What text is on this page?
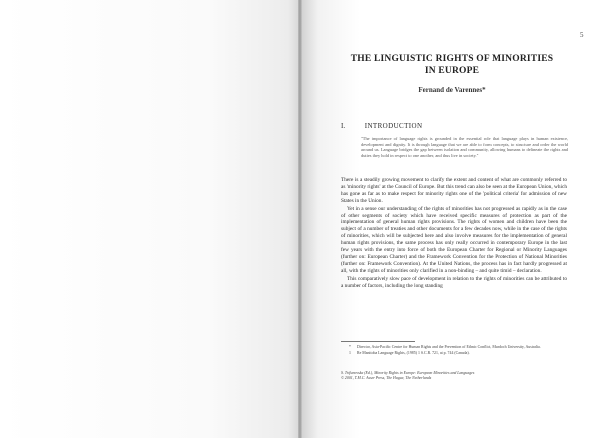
5
THE LINGUISTIC RIGHTS OF MINORITIES
IN EUROPE
Fernand de Varennes*
I.	INTRODUCTION
"The importance of language rights is grounded in the essential role that language plays in human existence, development and dignity. It is through language that we are able to form concepts, to structure and order the world around us. Language bridges the gap between isolation and community, allowing humans to delineate the rights and duties they hold in respect to one another, and thus live in society."

There is a steadily growing movement to clarify the extent and content of what are commonly referred to as 'minority rights' at the Council of Europe. But this trend can also be seen at the European Union, which has gone as far as to make respect for minority rights one of the 'political criteria' for admission of new States in the Union.

Yet in a sense our understanding of the rights of minorities has not progressed as rapidly as in the case of other segments of society which have received specific measures of protection as part of the implementation of general human rights provisions. The rights of women and children have been the subject of a number of treaties and other documents for a few decades now, while in the case of the rights of minorities, which will be subjected here and also involve measures for the implementation of general human rights provisions, the same process has only really occurred in contemporary Europe in the last few years with the entry into force of both the European Charter for Regional or Minority Languages (further on: European Charter) and the Framework Convention for the Protection of National Minorities (further on: Framework Convention). At the United Nations, the process has in fact hardly progressed at all, with the rights of minorities only clarified in a non-binding – and quite timid – declaration.

This comparatively slow pace of development in relation to the rights of minorities can be attributed to a number of factors, including the long standing

* Director, Asia-Pacific Centre for Human Rights and the Prevention of Ethnic Conflict, Murdoch University, Australia.
1 Re Manitoba Language Rights, (1985) 1 S.C.R. 721, at p. 744 (Canada).
S. Trifunovska (Ed.), Minority Rights in Europe: European Minorities and Languages
© 2001, T.M.C. Asser Press, The Hague, The Netherlands
